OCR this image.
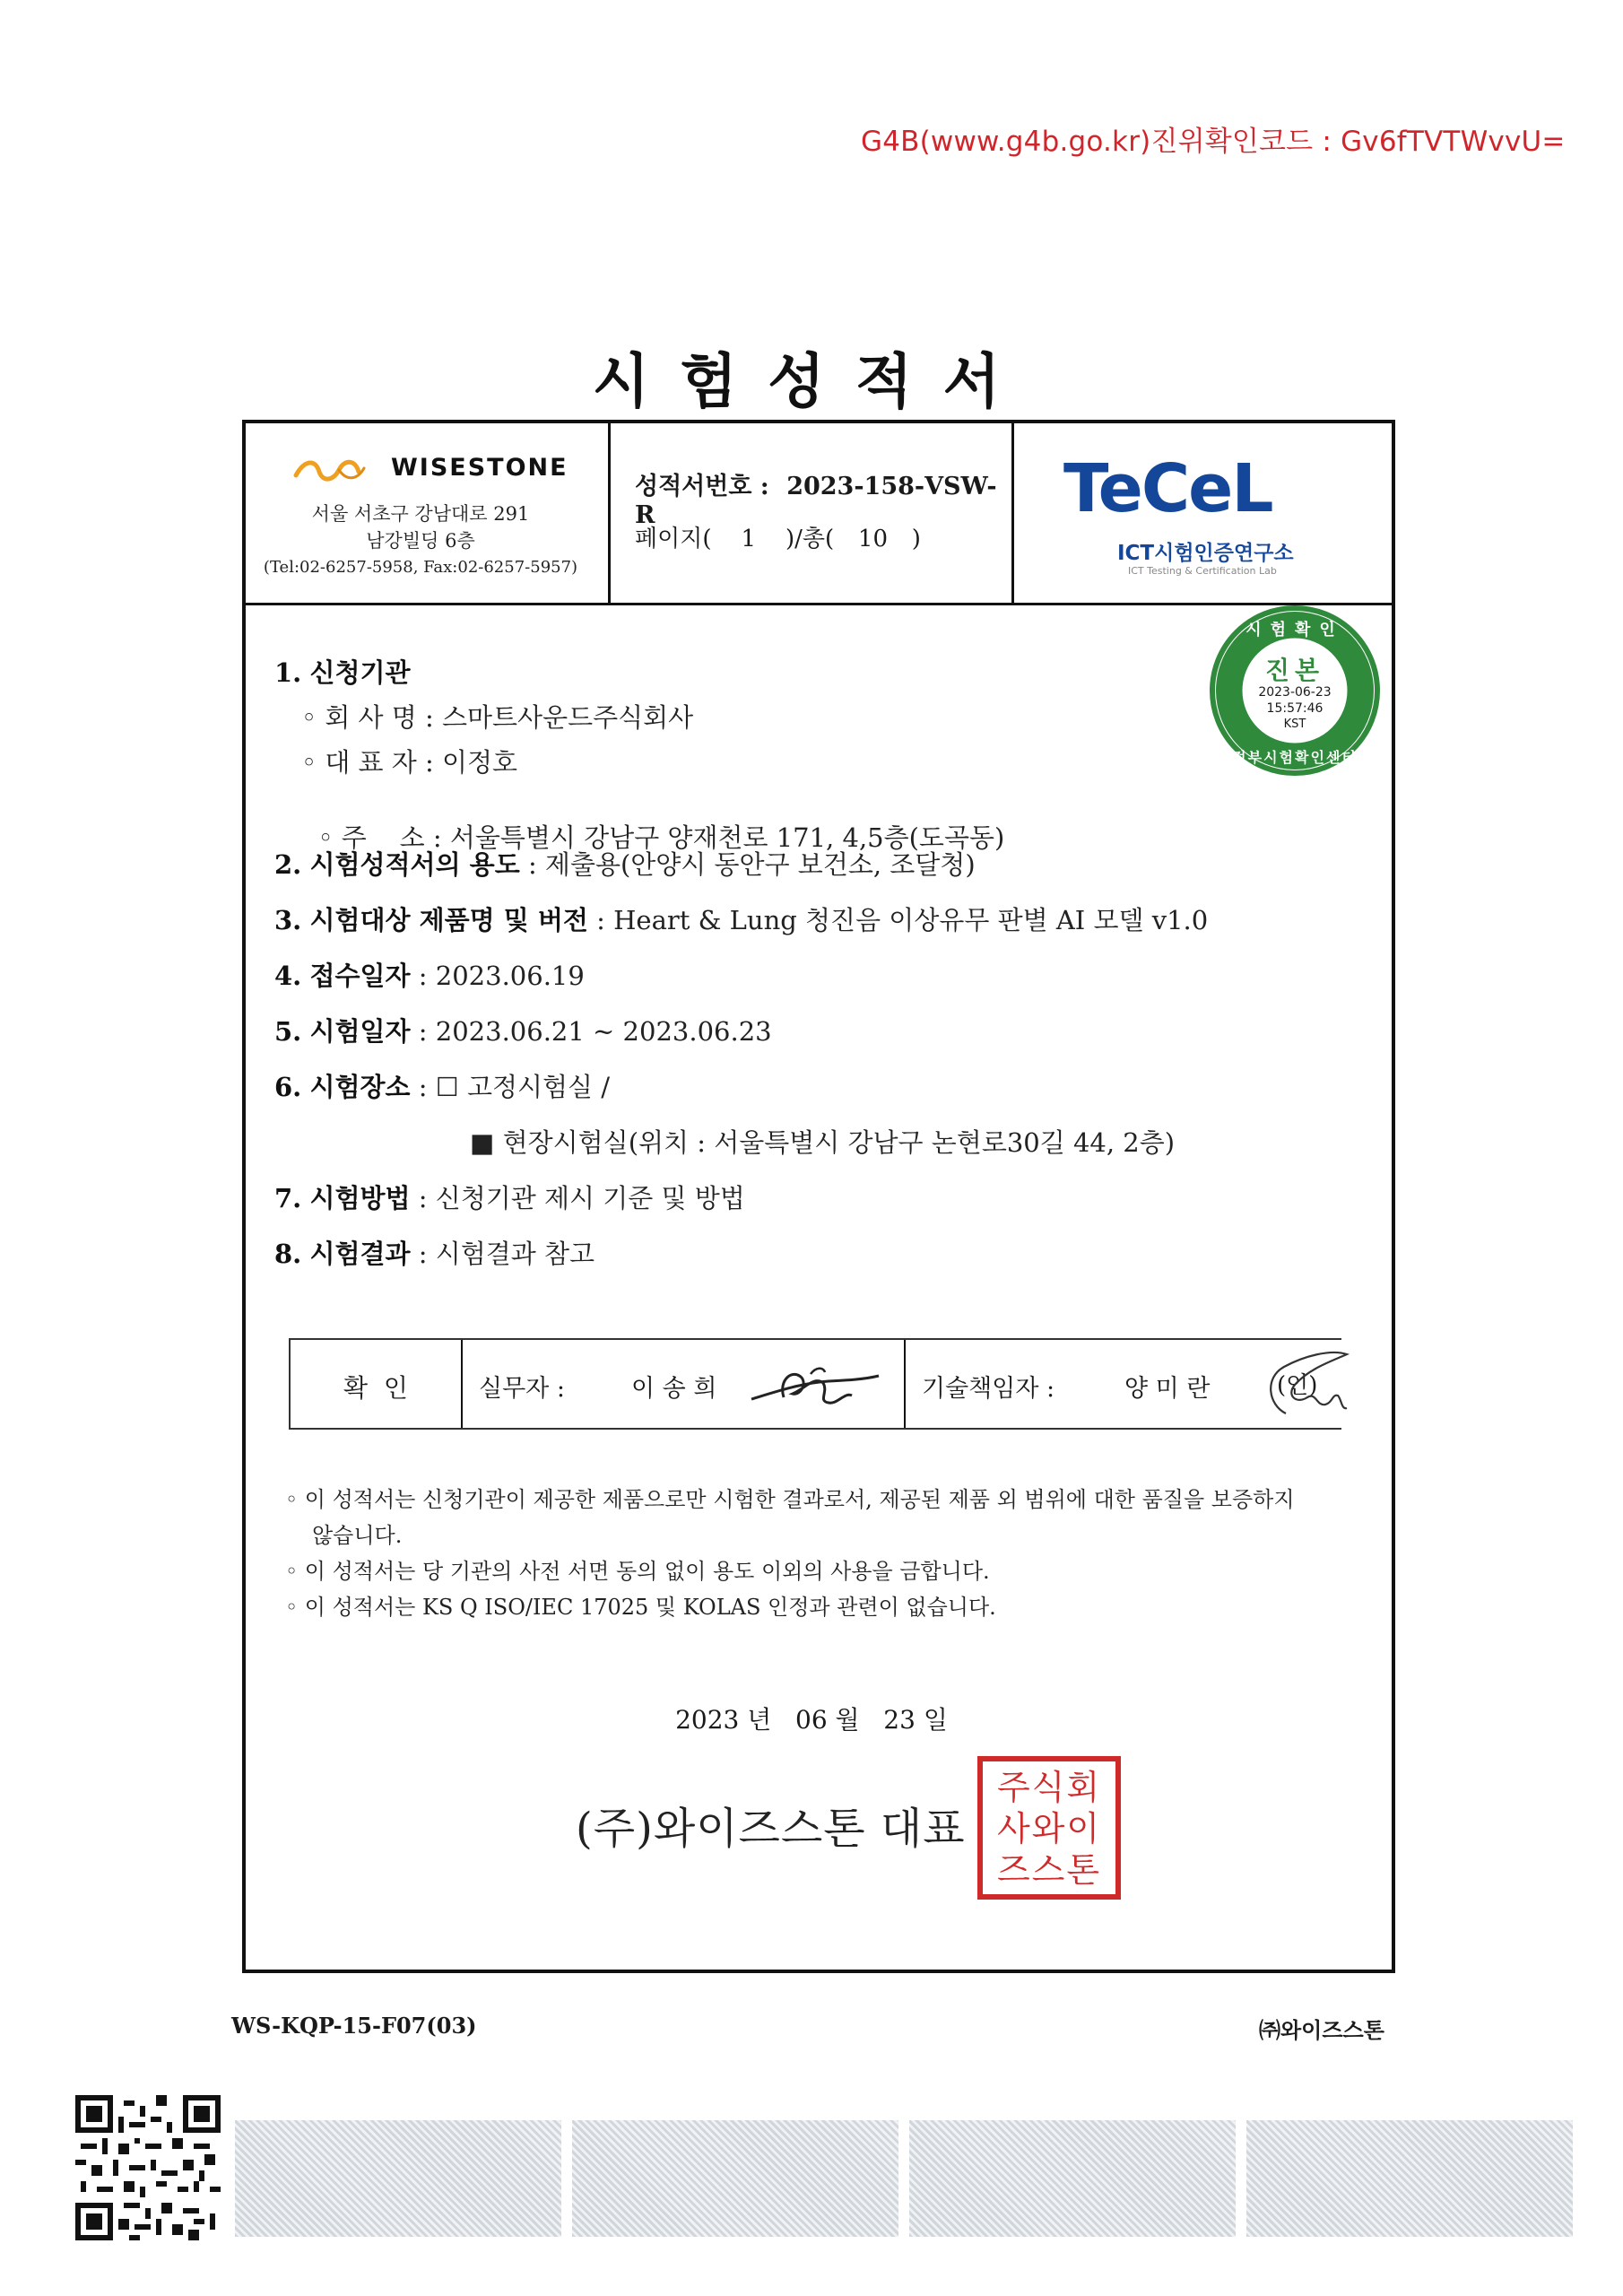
G4B(www.g4b.go.kr)진위확인코드 : Gv6fTVTWvvU=
시험성적서
WISESTONE
서울 서초구 강남대로 291
남강빌딩 6층
(Tel:02-6257-5958, Fax:02-6257-5957)
성적서번호 : 2023-158-VSW-R
페이지( 1 )/총( 10 )
TeCeL
ICT시험인증연구소
ICT Testing & Certification Lab
시험확인
진본
2023-06-23
15:57:46
KST
정부시험확인센터
1. 신청기관
◦ 회 사 명 : 스마트사운드주식회사
◦ 대 표 자 : 이정호

◦ 주    소 : 서울특별시 강남구 양재천로 171, 4,5층(도곡동)

2. 시험성적서의 용도 : 제출용(안양시 동안구 보건소, 조달청)
3. 시험대상 제품명 및 버전 : Heart & Lung 청진음 이상유무 판별 AI 모델 v1.0
4. 접수일자 : 2023.06.19
5. 시험일자 : 2023.06.21 ~ 2023.06.23
6. 시험장소 : ☐ 고정시험실 /
■ 현장시험실(위치 : 서울특별시 강남구 논현로30길 44, 2층)
7. 시험방법 : 신청기관 제시 기준 및 방법
8. 시험결과 : 시험결과 참고
확  인	실무자 :	이 송 희	기술책임자 :	양 미 란	(인)
◦ 이 성적서는 신청기관이 제공한 제품으로만 시험한 결과로서, 제공된 제품 외 범위에 대한 품질을 보증하지
않습니다.
◦ 이 성적서는 당 기관의 사전 서면 동의 없이 용도 이외의 사용을 금합니다.
◦ 이 성적서는 KS Q ISO/IEC 17025 및 KOLAS 인정과 관련이 없습니다.
2023 년   06 월   23 일
(주)와이즈스톤 대표
주식회
사와이
즈스톤
WS-KQP-15-F07(03)	㈜와이즈스톤
